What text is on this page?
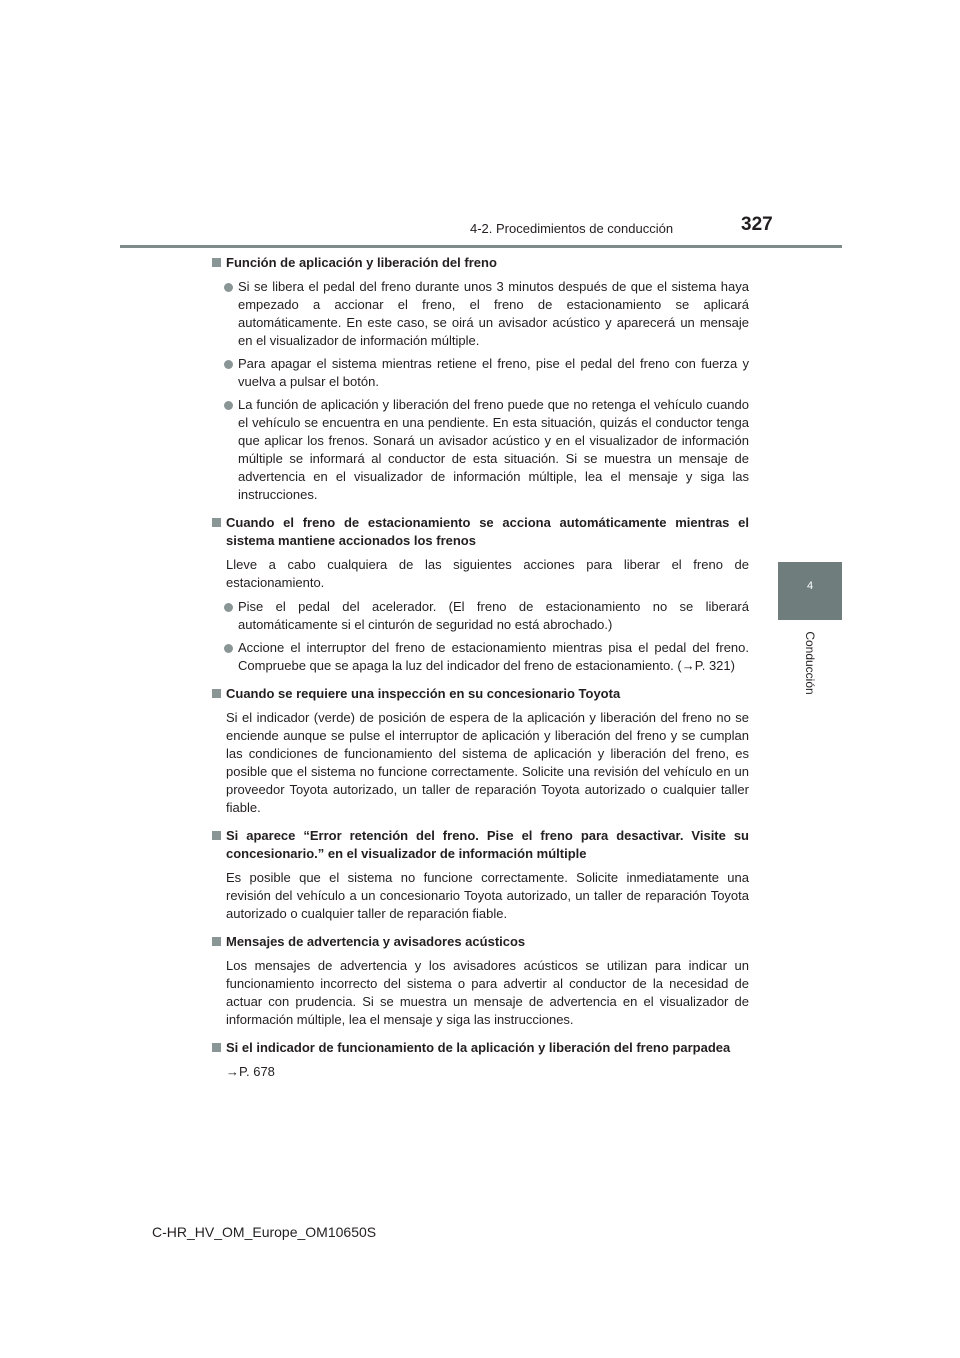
4-2. Procedimientos de conducción	327
4
Conducción
Función de aplicación y liberación del freno
Si se libera el pedal del freno durante unos 3 minutos después de que el sistema haya empezado a accionar el freno, el freno de estacionamiento se aplicará automáticamente. En este caso, se oirá un avisador acústico y aparecerá un mensaje en el visualizador de información múltiple.
Para apagar el sistema mientras retiene el freno, pise el pedal del freno con fuerza y vuelva a pulsar el botón.
La función de aplicación y liberación del freno puede que no retenga el vehículo cuando el vehículo se encuentra en una pendiente. En esta situación, quizás el conductor tenga que aplicar los frenos. Sonará un avisador acústico y en el visualizador de información múltiple se informará al conductor de esta situación. Si se muestra un mensaje de advertencia en el visualizador de información múltiple, lea el mensaje y siga las instrucciones.
Cuando el freno de estacionamiento se acciona automáticamente mientras el sistema mantiene accionados los frenos
Lleve a cabo cualquiera de las siguientes acciones para liberar el freno de estacionamiento.
Pise el pedal del acelerador. (El freno de estacionamiento no se liberará automáticamente si el cinturón de seguridad no está abrochado.)
Accione el interruptor del freno de estacionamiento mientras pisa el pedal del freno. Compruebe que se apaga la luz del indicador del freno de estacionamiento. (→P. 321)
Cuando se requiere una inspección en su concesionario Toyota
Si el indicador (verde) de posición de espera de la aplicación y liberación del freno no se enciende aunque se pulse el interruptor de aplicación y liberación del freno y se cumplan las condiciones de funcionamiento del sistema de aplicación y liberación del freno, es posible que el sistema no funcione correctamente. Solicite una revisión del vehículo en un proveedor Toyota autorizado, un taller de reparación Toyota autorizado o cualquier taller fiable.
Si aparece “Error retención del freno. Pise el freno para desactivar. Visite su concesionario.” en el visualizador de información múltiple
Es posible que el sistema no funcione correctamente. Solicite inmediatamente una revisión del vehículo a un concesionario Toyota autorizado, un taller de reparación Toyota autorizado o cualquier taller de reparación fiable.
Mensajes de advertencia y avisadores acústicos
Los mensajes de advertencia y los avisadores acústicos se utilizan para indicar un funcionamiento incorrecto del sistema o para advertir al conductor de la necesidad de actuar con prudencia. Si se muestra un mensaje de advertencia en el visualizador de información múltiple, lea el mensaje y siga las instrucciones.
Si el indicador de funcionamiento de la aplicación y liberación del freno parpadea
→P. 678
C-HR_HV_OM_Europe_OM10650S
